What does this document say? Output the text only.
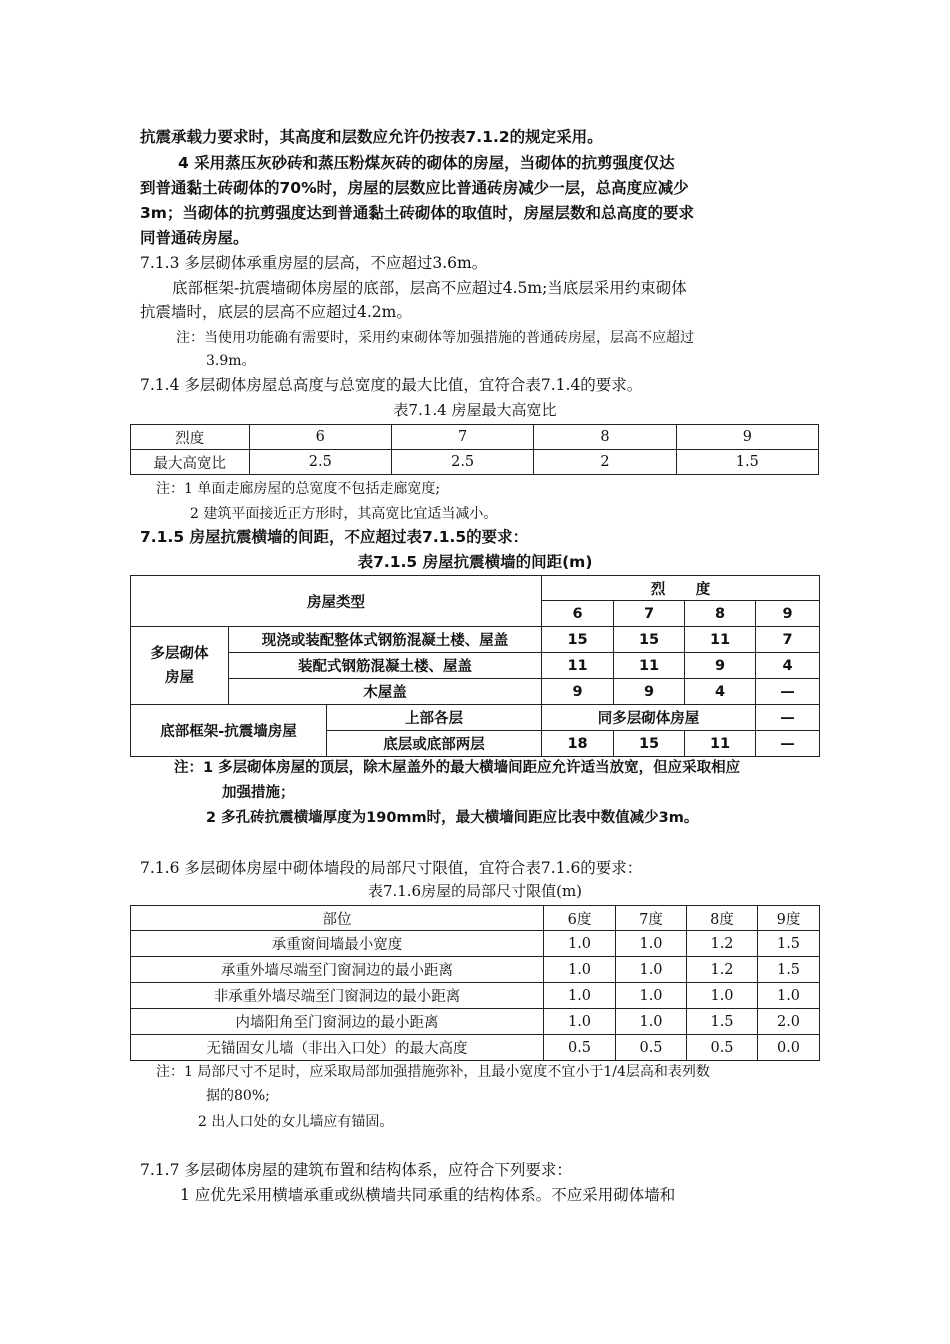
抗震承载力要求时，其高度和层数应允许仍按表7.1.2的规定采用。
4 采用蒸压灰砂砖和蒸压粉煤灰砖的砌体的房屋，当砌体的抗剪强度仅达
到普通黏土砖砌体的70%时，房屋的层数应比普通砖房减少一层，总高度应减少
3m；当砌体的抗剪强度达到普通黏土砖砌体的取值时，房屋层数和总高度的要求
同普通砖房屋。
7.1.3 多层砌体承重房屋的层高，不应超过3.6m。
底部框架-抗震墙砌体房屋的底部，层高不应超过4.5m;当底层采用约束砌体
抗震墙时，底层的层高不应超过4.2m。
注：当使用功能确有需要时，采用约束砌体等加强措施的普通砖房屋，层高不应超过
3.9m。
7.1.4 多层砌体房屋总高度与总宽度的最大比值，宜符合表7.1.4的要求。
表7.1.4 房屋最大高宽比
烈度	6	7	8	9
最大高宽比	2.5	2.5	2	1.5
注：1 单面走廊房屋的总宽度不包括走廊宽度;
2 建筑平面接近正方形时，其高宽比宜适当减小。
7.1.5 房屋抗震横墙的间距，不应超过表7.1.5的要求：
表7.1.5 房屋抗震横墙的间距(m)
房屋类型			烈      度			
			6	7	8	9

多层砌体
房屋	现浇或装配整体式钢筋混凝土楼、屋盖		15	15	11	7
	装配式钢筋混凝土楼、屋盖		11	11	9	4
	木屋盖		9	9	4	—
底部框架-抗震墙房屋		上部各层	同多层砌体房屋			—
		底层或底部两层	18	15	11	—
注：1 多层砌体房屋的顶层，除木屋盖外的最大横墙间距应允许适当放宽，但应采取相应
加强措施；
2 多孔砖抗震横墙厚度为190mm时，最大横墙间距应比表中数值减少3m。
7.1.6 多层砌体房屋中砌体墙段的局部尺寸限值，宜符合表7.1.6的要求：
表7.1.6房屋的局部尺寸限值(m)
部位	6度	7度	8度	9度
承重窗间墙最小宽度	1.0	1.0	1.2	1.5
承重外墙尽端至门窗洞边的最小距离	1.0	1.0	1.2	1.5
非承重外墙尽端至门窗洞边的最小距离	1.0	1.0	1.0	1.0
内墙阳角至门窗洞边的最小距离	1.0	1.0	1.5	2.0
无锚固女儿墙（非出入口处）的最大高度	0.5	0.5	0.5	0.0
注：1 局部尺寸不足时，应采取局部加强措施弥补，且最小宽度不宜小于1/4层高和表列数
据的80%;
2 出人口处的女儿墙应有锚固。
7.1.7 多层砌体房屋的建筑布置和结构体系，应符合下列要求：
1 应优先采用横墙承重或纵横墙共同承重的结构体系。不应采用砌体墙和
